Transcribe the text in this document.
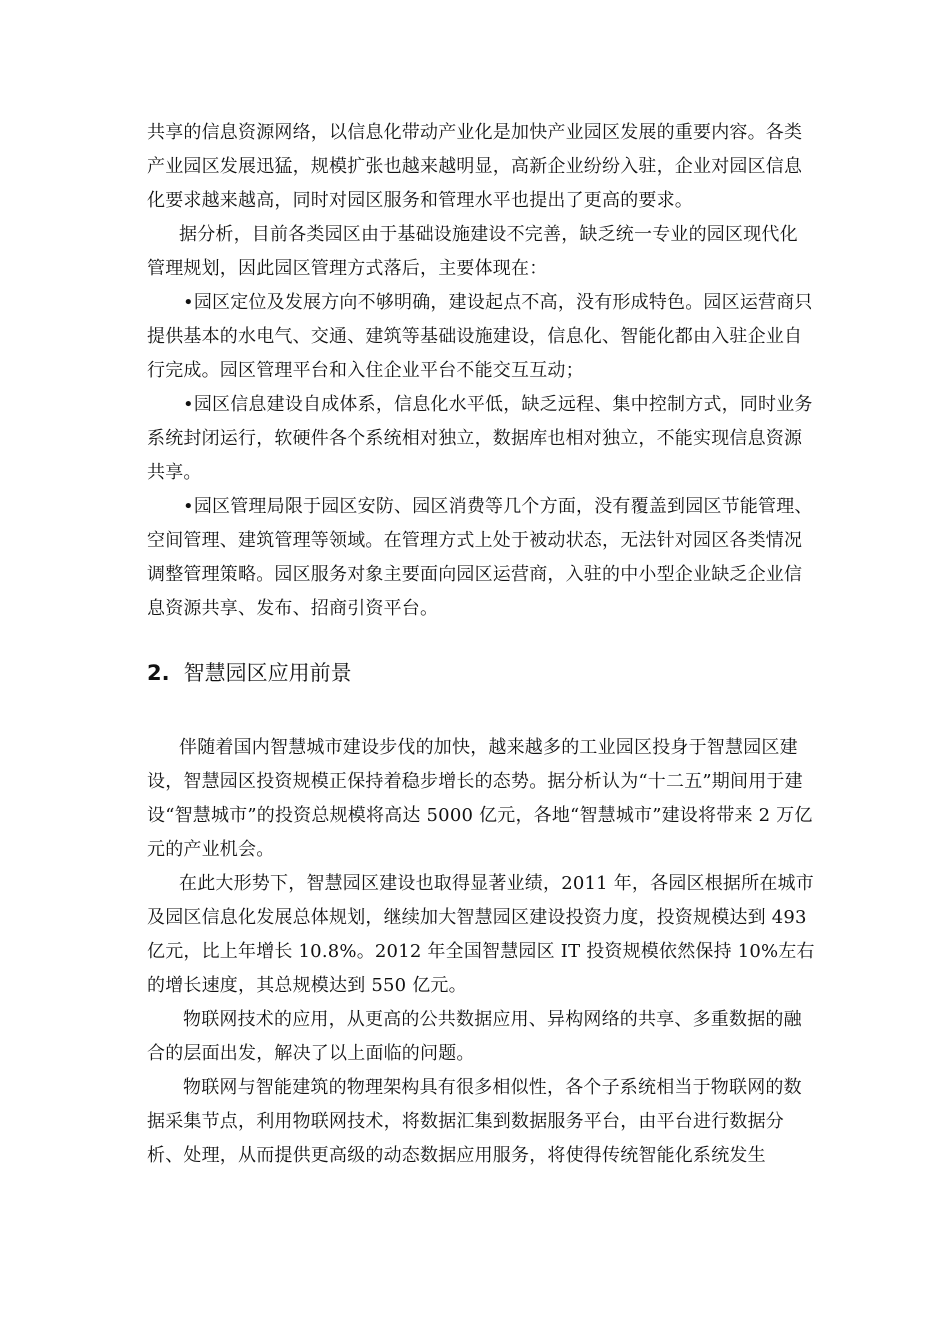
共享的信息资源网络，以信息化带动产业化是加快产业园区发展的重要内容。各类产业园区发展迅猛，规模扩张也越来越明显，高新企业纷纷入驻，企业对园区信息化要求越来越高，同时对园区服务和管理水平也提出了更高的要求。

据分析，目前各类园区由于基础设施建设不完善，缺乏统一专业的园区现代化管理规划，因此园区管理方式落后，主要体现在：

•园区定位及发展方向不够明确，建设起点不高，没有形成特色。园区运营商只提供基本的水电气、交通、建筑等基础设施建设，信息化、智能化都由入驻企业自行完成。园区管理平台和入住企业平台不能交互互动；

•园区信息建设自成体系，信息化水平低，缺乏远程、集中控制方式，同时业务系统封闭运行，软硬件各个系统相对独立，数据库也相对独立，不能实现信息资源共享。

•园区管理局限于园区安防、园区消费等几个方面，没有覆盖到园区节能管理、空间管理、建筑管理等领域。在管理方式上处于被动状态，无法针对园区各类情况调整管理策略。园区服务对象主要面向园区运营商，入驻的中小型企业缺乏企业信息资源共享、发布、招商引资平台。

2. 智慧园区应用前景

伴随着国内智慧城市建设步伐的加快，越来越多的工业园区投身于智慧园区建设，智慧园区投资规模正保持着稳步增长的态势。据分析认为“十二五”期间用于建设“智慧城市”的投资总规模将高达 5000 亿元，各地“智慧城市”建设将带来 2 万亿元的产业机会。

在此大形势下，智慧园区建设也取得显著业绩，2011 年，各园区根据所在城市及园区信息化发展总体规划，继续加大智慧园区建设投资力度，投资规模达到 493 亿元，比上年增长 10.8%。2012 年全国智慧园区 IT 投资规模依然保持 10%左右的增长速度，其总规模达到 550 亿元。

物联网技术的应用，从更高的公共数据应用、异构网络的共享、多重数据的融合的层面出发，解决了以上面临的问题。

物联网与智能建筑的物理架构具有很多相似性，各个子系统相当于物联网的数据采集节点，利用物联网技术，将数据汇集到数据服务平台，由平台进行数据分析、处理，从而提供更高级的动态数据应用服务，将使得传统智能化系统发生
